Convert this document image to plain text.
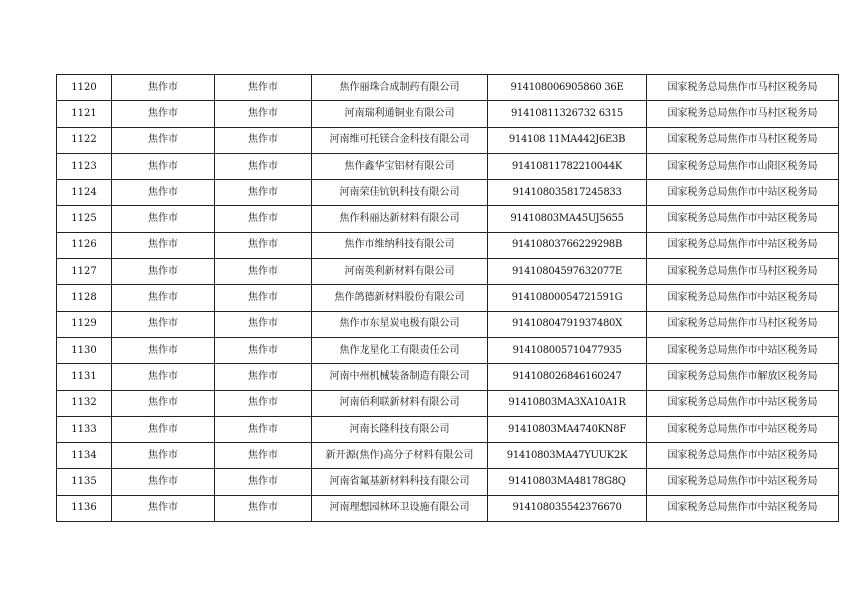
1120	焦作市	焦作市	焦作丽珠合成制药有限公司	914108006905860 36E	国家税务总局焦作市马村区税务局
1121	焦作市	焦作市	河南瑞利通铜业有限公司	91410811326732 6315	国家税务总局焦作市马村区税务局
1122	焦作市	焦作市	河南维可托镁合金科技有限公司	914108 11MA442J6E3B	国家税务总局焦作市马村区税务局
1123	焦作市	焦作市	焦作鑫华宝铝材有限公司	91410811782210044K	国家税务总局焦作市山阳区税务局
1124	焦作市	焦作市	河南荣佳钪钒科技有限公司	914108035817245833	国家税务总局焦作市中站区税务局
1125	焦作市	焦作市	焦作科丽达新材料有限公司	91410803MA45UJ5655	国家税务总局焦作市中站区税务局
1126	焦作市	焦作市	焦作市维纳科技有限公司	91410803766229298B	国家税务总局焦作市中站区税务局
1127	焦作市	焦作市	河南英利新材料有限公司	91410804597632077E	国家税务总局焦作市马村区税务局
1128	焦作市	焦作市	焦作鸽德新材料股份有限公司	91410800054721591G	国家税务总局焦作市中站区税务局
1129	焦作市	焦作市	焦作市东星炭电极有限公司	91410804791937480X	国家税务总局焦作市马村区税务局
1130	焦作市	焦作市	焦作龙星化工有限责任公司	914108005710477935	国家税务总局焦作市中站区税务局
1131	焦作市	焦作市	河南中州机械装备制造有限公司	914108026846160247	国家税务总局焦作市解放区税务局
1132	焦作市	焦作市	河南佰利联新材料有限公司	91410803MA3XA10A1R	国家税务总局焦作市中站区税务局
1133	焦作市	焦作市	河南长隆科技有限公司	91410803MA4740KN8F	国家税务总局焦作市中站区税务局
1134	焦作市	焦作市	新开源(焦作)高分子材料有限公司	91410803MA47YUUK2K	国家税务总局焦作市中站区税务局
1135	焦作市	焦作市	河南省氟基新材料科技有限公司	91410803MA48178G8Q	国家税务总局焦作市中站区税务局
1136	焦作市	焦作市	河南理想园林环卫设施有限公司	914108035542376670	国家税务总局焦作市中站区税务局
